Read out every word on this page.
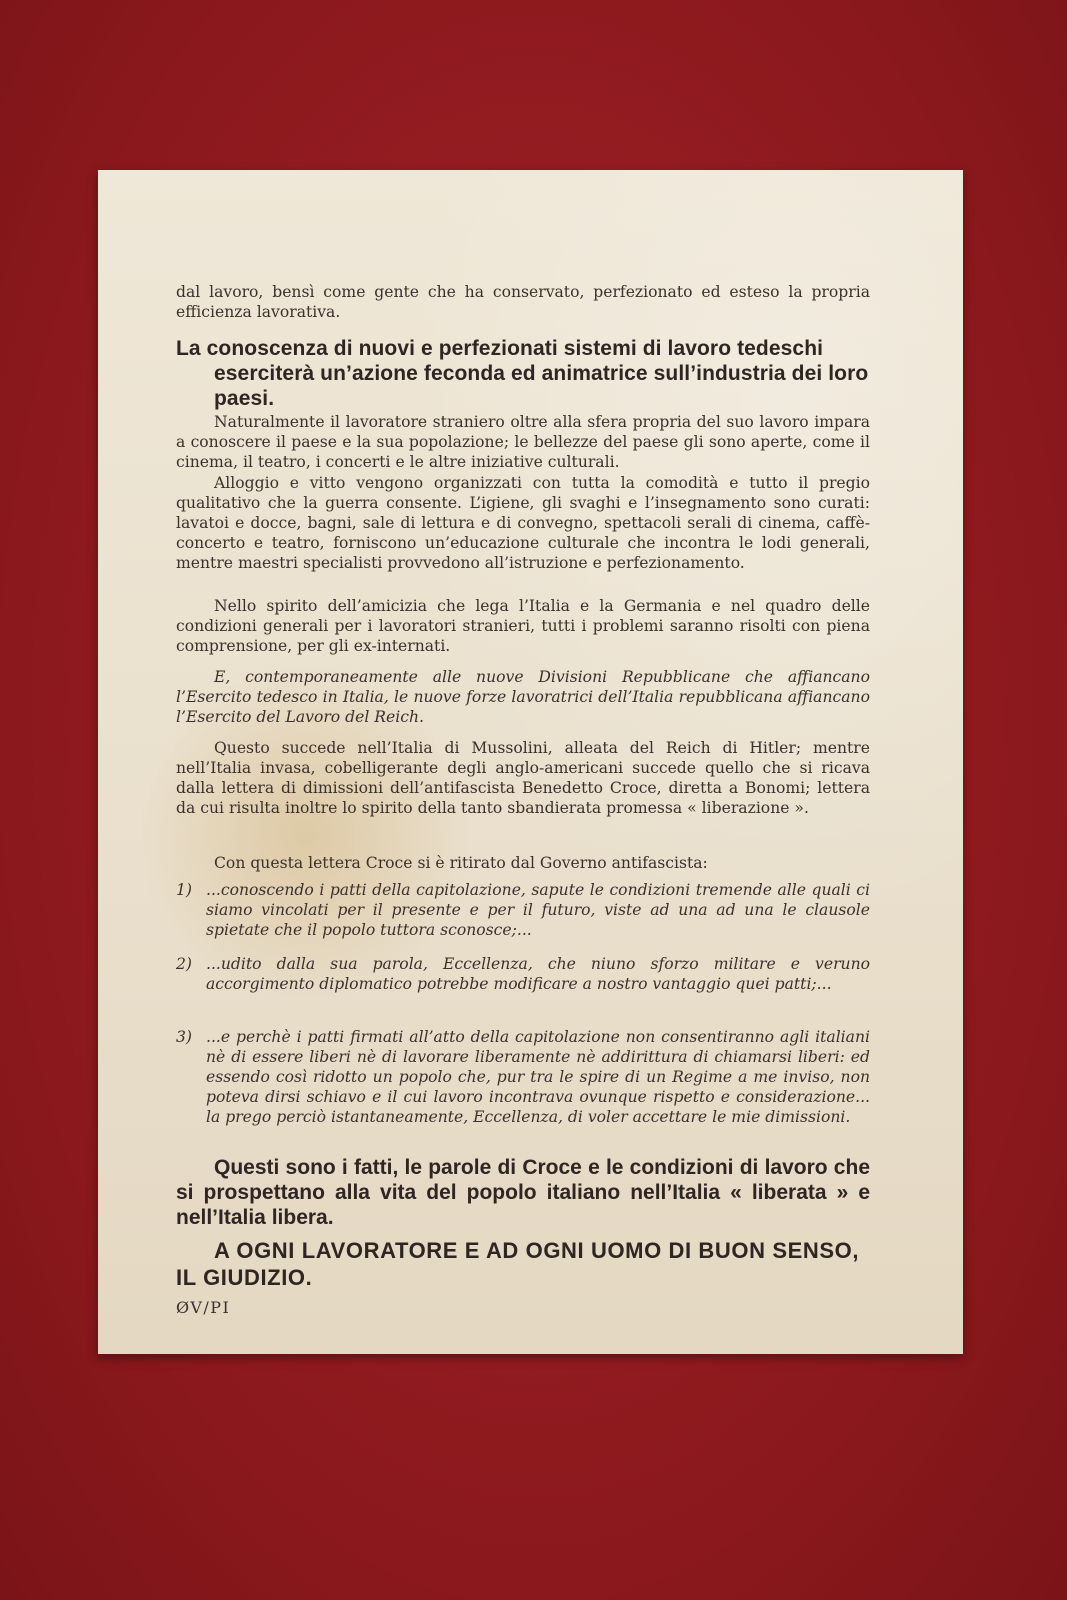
dal lavoro, bensì come gente che ha conservato, perfezionato ed esteso la propria efficienza lavorativa.

La conoscenza di nuovi e perfezionati sistemi di lavoro tedeschi
eserciterà un’azione feconda ed animatrice sull’industria dei loro paesi.

Naturalmente il lavoratore straniero oltre alla sfera propria del suo lavoro impara a conoscere il paese e la sua popolazione; le bellezze del paese gli sono aperte, come il cinema, il teatro, i concerti e le altre iniziative culturali.

Alloggio e vitto vengono organizzati con tutta la comodità e tutto il pregio qualitativo che la guerra consente. L’igiene, gli svaghi e l’insegnamento sono curati: lavatoi e docce, bagni, sale di lettura e di convegno, spettacoli serali di cinema, caffè-concerto e teatro, forniscono un’educazione culturale che incontra le lodi generali, mentre maestri specialisti provvedono all’istruzione e perfezionamento.

Nello spirito dell’amicizia che lega l’Italia e la Germania e nel quadro delle condizioni generali per i lavoratori stranieri, tutti i problemi saranno risolti con piena comprensione, per gli ex-internati.

E, contemporaneamente alle nuove Divisioni Repubblicane che affiancano l’Esercito tedesco in Italia, le nuove forze lavoratrici dell’Italia repubblicana affiancano l’Esercito del Lavoro del Reich.

Questo succede nell’Italia di Mussolini, alleata del Reich di Hitler; mentre nell’Italia invasa, cobelligerante degli anglo-americani succede quello che si ricava dalla lettera di dimissioni dell’antifascista Benedetto Croce, diretta a Bonomi; lettera da cui risulta inoltre lo spirito della tanto sbandierata promessa « liberazione ».

Con questa lettera Croce si è ritirato dal Governo antifascista:

1) ...conoscendo i patti della capitolazione, sapute le condizioni tremende alle quali ci siamo vincolati per il presente e per il futuro, viste ad una ad una le clausole spietate che il popolo tuttora sconosce;...
2) ...udito dalla sua parola, Eccellenza, che niuno sforzo militare e veruno accorgimento diplomatico potrebbe modificare a nostro vantaggio quei patti;...
3) ...e perchè i patti firmati all’atto della capitolazione non consentiranno agli italiani nè di essere liberi nè di lavorare liberamente nè addirittura di chiamarsi liberi: ed essendo così ridotto un popolo che, pur tra le spire di un Regime a me inviso, non poteva dirsi schiavo e il cui lavoro incontrava ovunque rispetto e considerazione... la prego perciò istantaneamente, Eccellenza, di voler accettare le mie dimissioni.

Questi sono i fatti, le parole di Croce e le condizioni di lavoro che si prospettano alla vita del popolo italiano nell’Italia « liberata » e nell’Italia libera.

A OGNI LAVORATORE E AD OGNI UOMO DI BUON SENSO, IL GIUDIZIO.

ØV/PI
